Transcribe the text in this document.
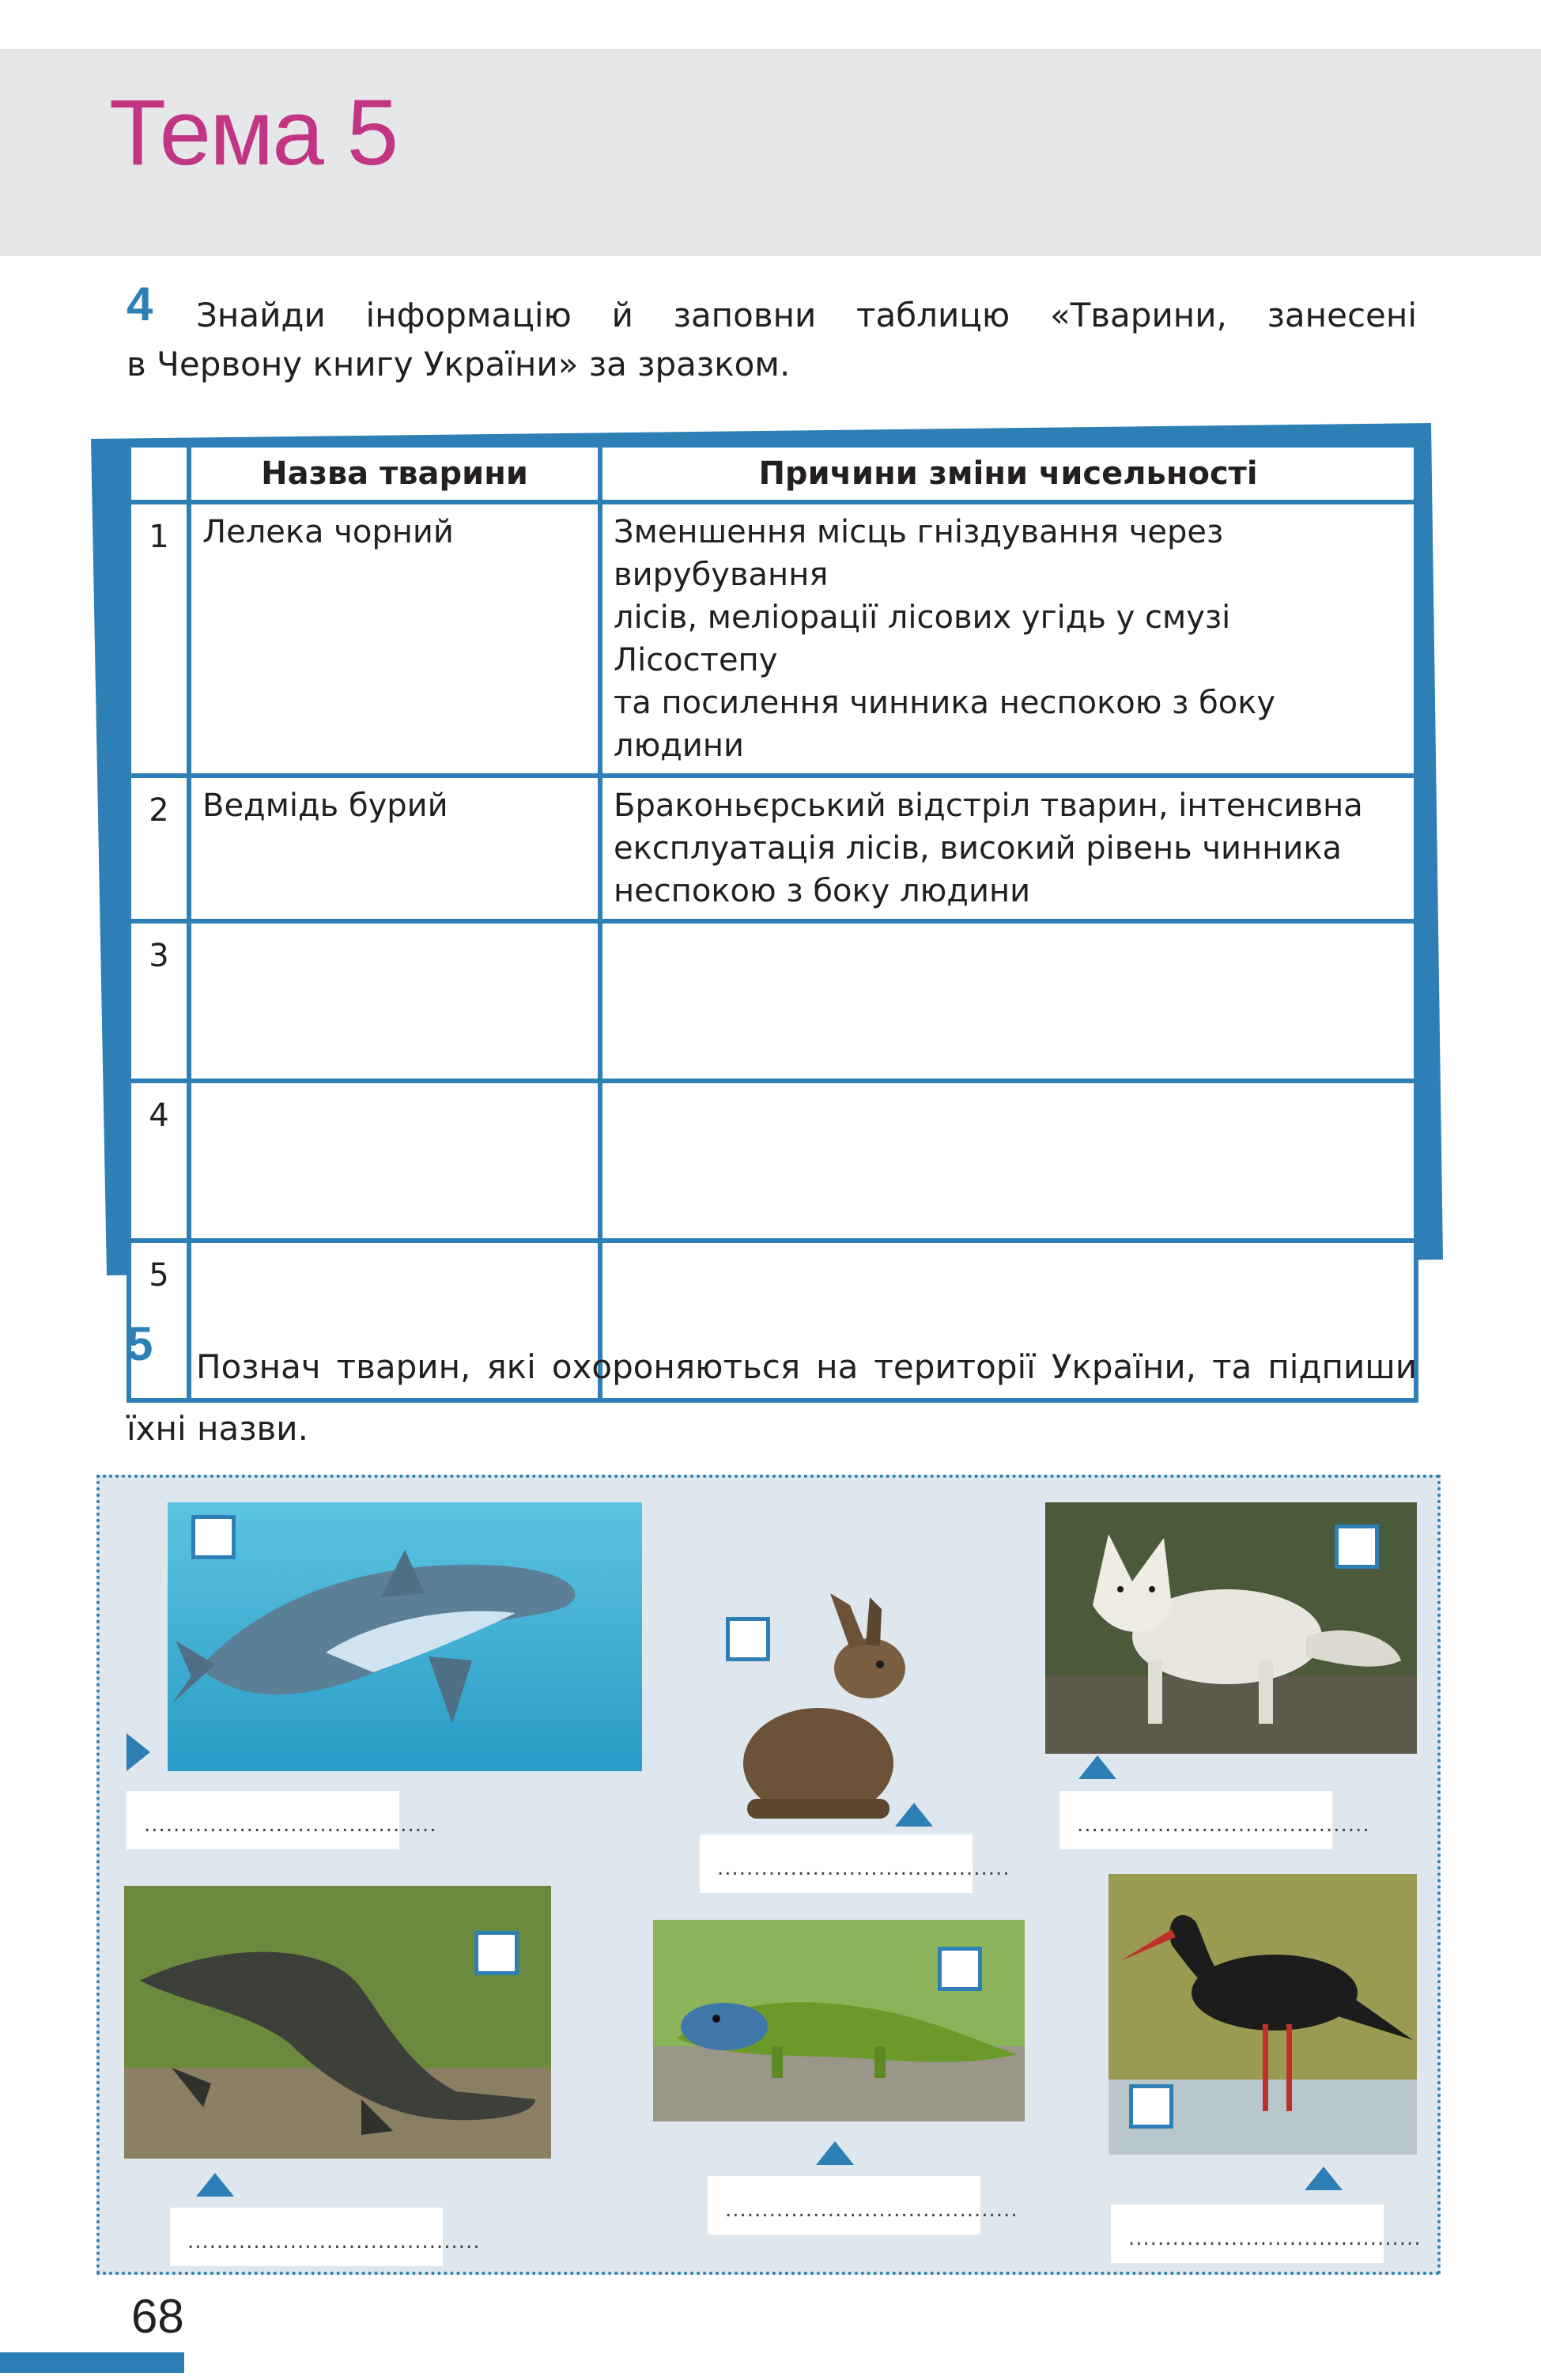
Тема 5
4	Знайди інформацію й заповни таблицю «Тварини, занесені
в Червону книгу України» за зразком.
	Назва тварини	Причини зміни чисельності
1	Лелека чорний	Зменшення місць гніздування через вирубування
лісів, меліорації лісових угідь у смузі Лісостепу
та посилення чинника неспокою з боку людини

2	Ведмідь бурий	Браконьєрський відстріл тварин, інтенсивна
експлуатація лісів, високий рівень чинника
неспокою з боку людини

3		
4		
5		
5	Познач тварин, які охороняються на території України, та підпиши
їхні назви.
........................................
........................................
........................................
........................................
........................................
........................................
68
